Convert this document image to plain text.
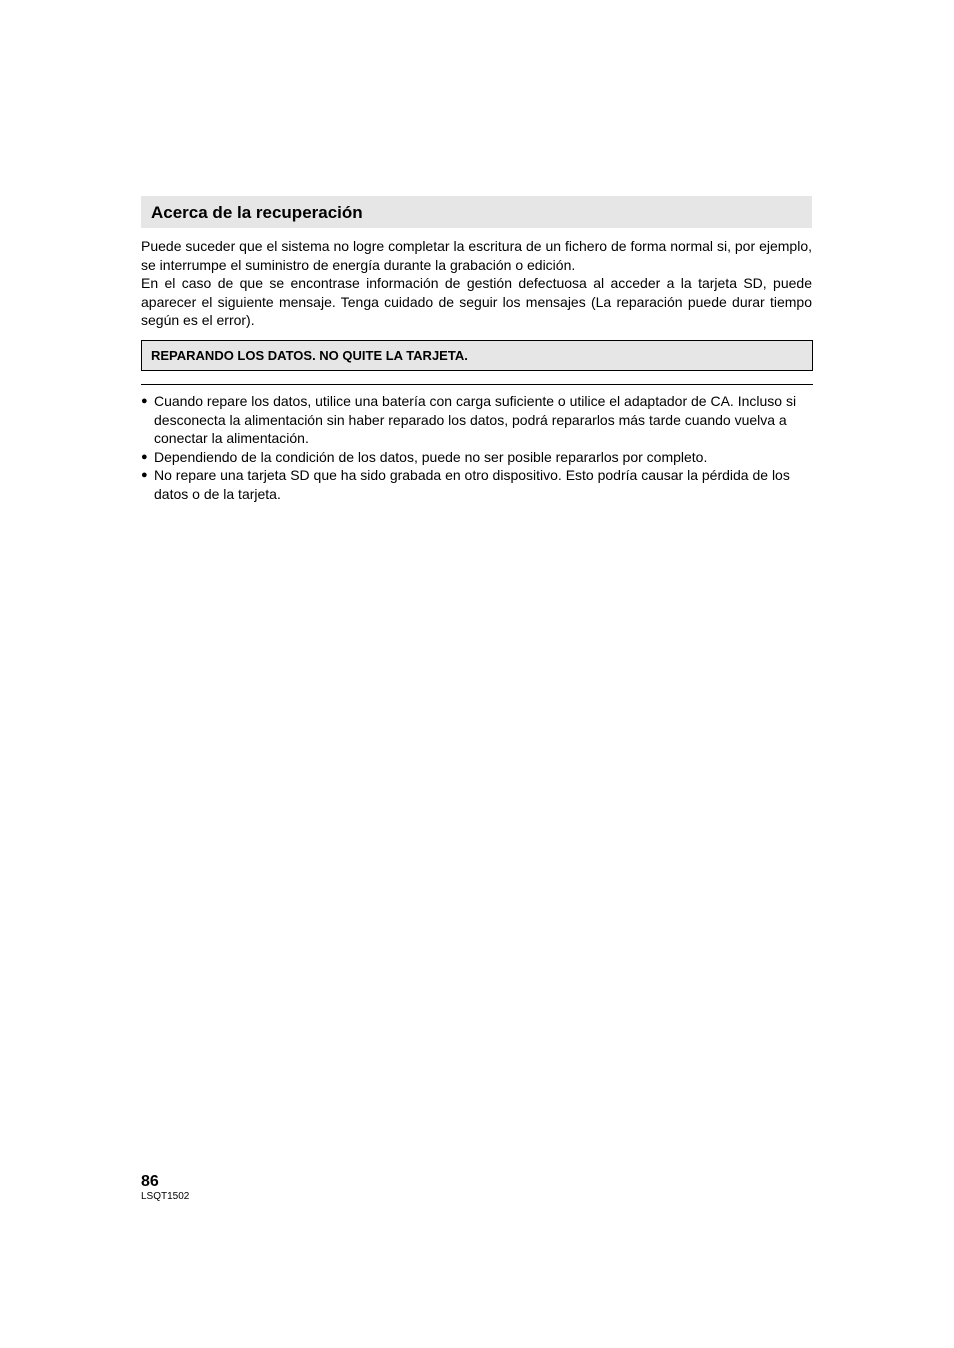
Acerca de la recuperación

Puede suceder que el sistema no logre completar la escritura de un fichero de forma normal si, por ejemplo, se interrumpe el suministro de energía durante la grabación o edición.

En el caso de que se encontrase información de gestión defectuosa al acceder a la tarjeta SD, puede aparecer el siguiente mensaje. Tenga cuidado de seguir los mensajes (La reparación puede durar tiempo según es el error).

REPARANDO LOS DATOS. NO QUITE LA TARJETA.
● Cuando repare los datos, utilice una batería con carga suficiente o utilice el adaptador de CA. Incluso si desconecta la alimentación sin haber reparado los datos, podrá repararlos más tarde cuando vuelva a conectar la alimentación.
● Dependiendo de la condición de los datos, puede no ser posible repararlos por completo.
● No repare una tarjeta SD que ha sido grabada en otro dispositivo. Esto podría causar la pérdida de los datos o de la tarjeta.
86
LSQT1502
